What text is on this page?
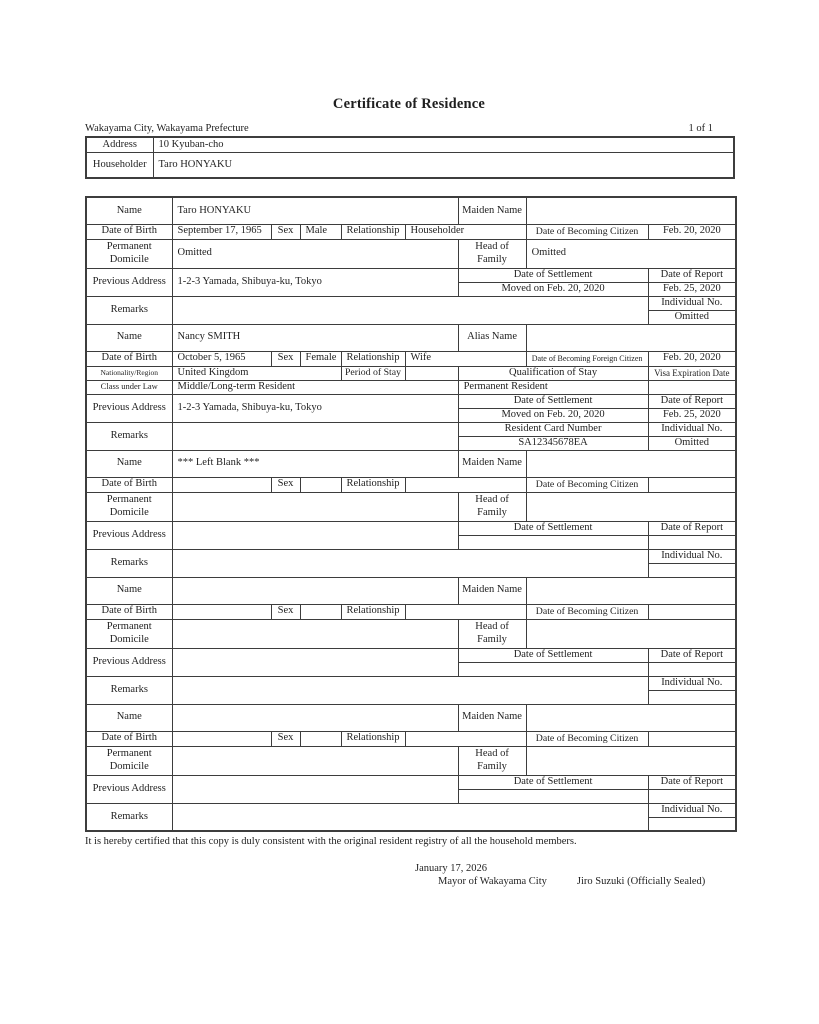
Certificate of Residence
Wakayama City, Wakayama Prefecture	1 of 1
Address	10 Kyuban-cho
Householder	Taro HONYAKU
Name	Taro HONYAKU					Maiden Name		
Date of Birth	September 17, 1965	Sex	Male	Relationship	Householder		Date of Becoming Citizen	Feb. 20, 2020
Permanent Domicile	Omitted					Head of Family	Omitted	
Previous Address	1-2-3 Yamada, Shibuya-ku, Tokyo					Date of Settlement		Date of Report
						Moved on Feb. 20, 2020		Feb. 25, 2020
Remarks								Individual No.
								Omitted
Name	Nancy SMITH					Alias Name		
Date of Birth	October 5, 1965	Sex	Female	Relationship	Wife		Date of Becoming Foreign Citizen	Feb. 20, 2020
Nationality/Region	United Kingdom			Period of Stay		Qualification of Stay		Visa Expiration Date
Class under Law	Middle/Long-term Resident					Permanent Resident		
Previous Address	1-2-3 Yamada, Shibuya-ku, Tokyo					Date of Settlement		Date of Report
						Moved on Feb. 20, 2020		Feb. 25, 2020
Remarks						Resident Card Number		Individual No.
						SA12345678EA		Omitted
Name	*** Left Blank ***					Maiden Name		
Date of Birth		Sex		Relationship			Date of Becoming Citizen	
Permanent Domicile						Head of Family		
Previous Address						Date of Settlement		Date of Report

Remarks								Individual No.

Name						Maiden Name		
Date of Birth		Sex		Relationship			Date of Becoming Citizen	
Permanent Domicile						Head of Family		
Previous Address						Date of Settlement		Date of Report

Remarks								Individual No.

Name						Maiden Name		
Date of Birth		Sex		Relationship			Date of Becoming Citizen	
Permanent Domicile						Head of Family		
Previous Address						Date of Settlement		Date of Report

Remarks								Individual No.

It is hereby certified that this copy is duly consistent with the original resident registry of all the household members.
January 17, 2026
Mayor of Wakayama City	Jiro Suzuki (Officially Sealed)
